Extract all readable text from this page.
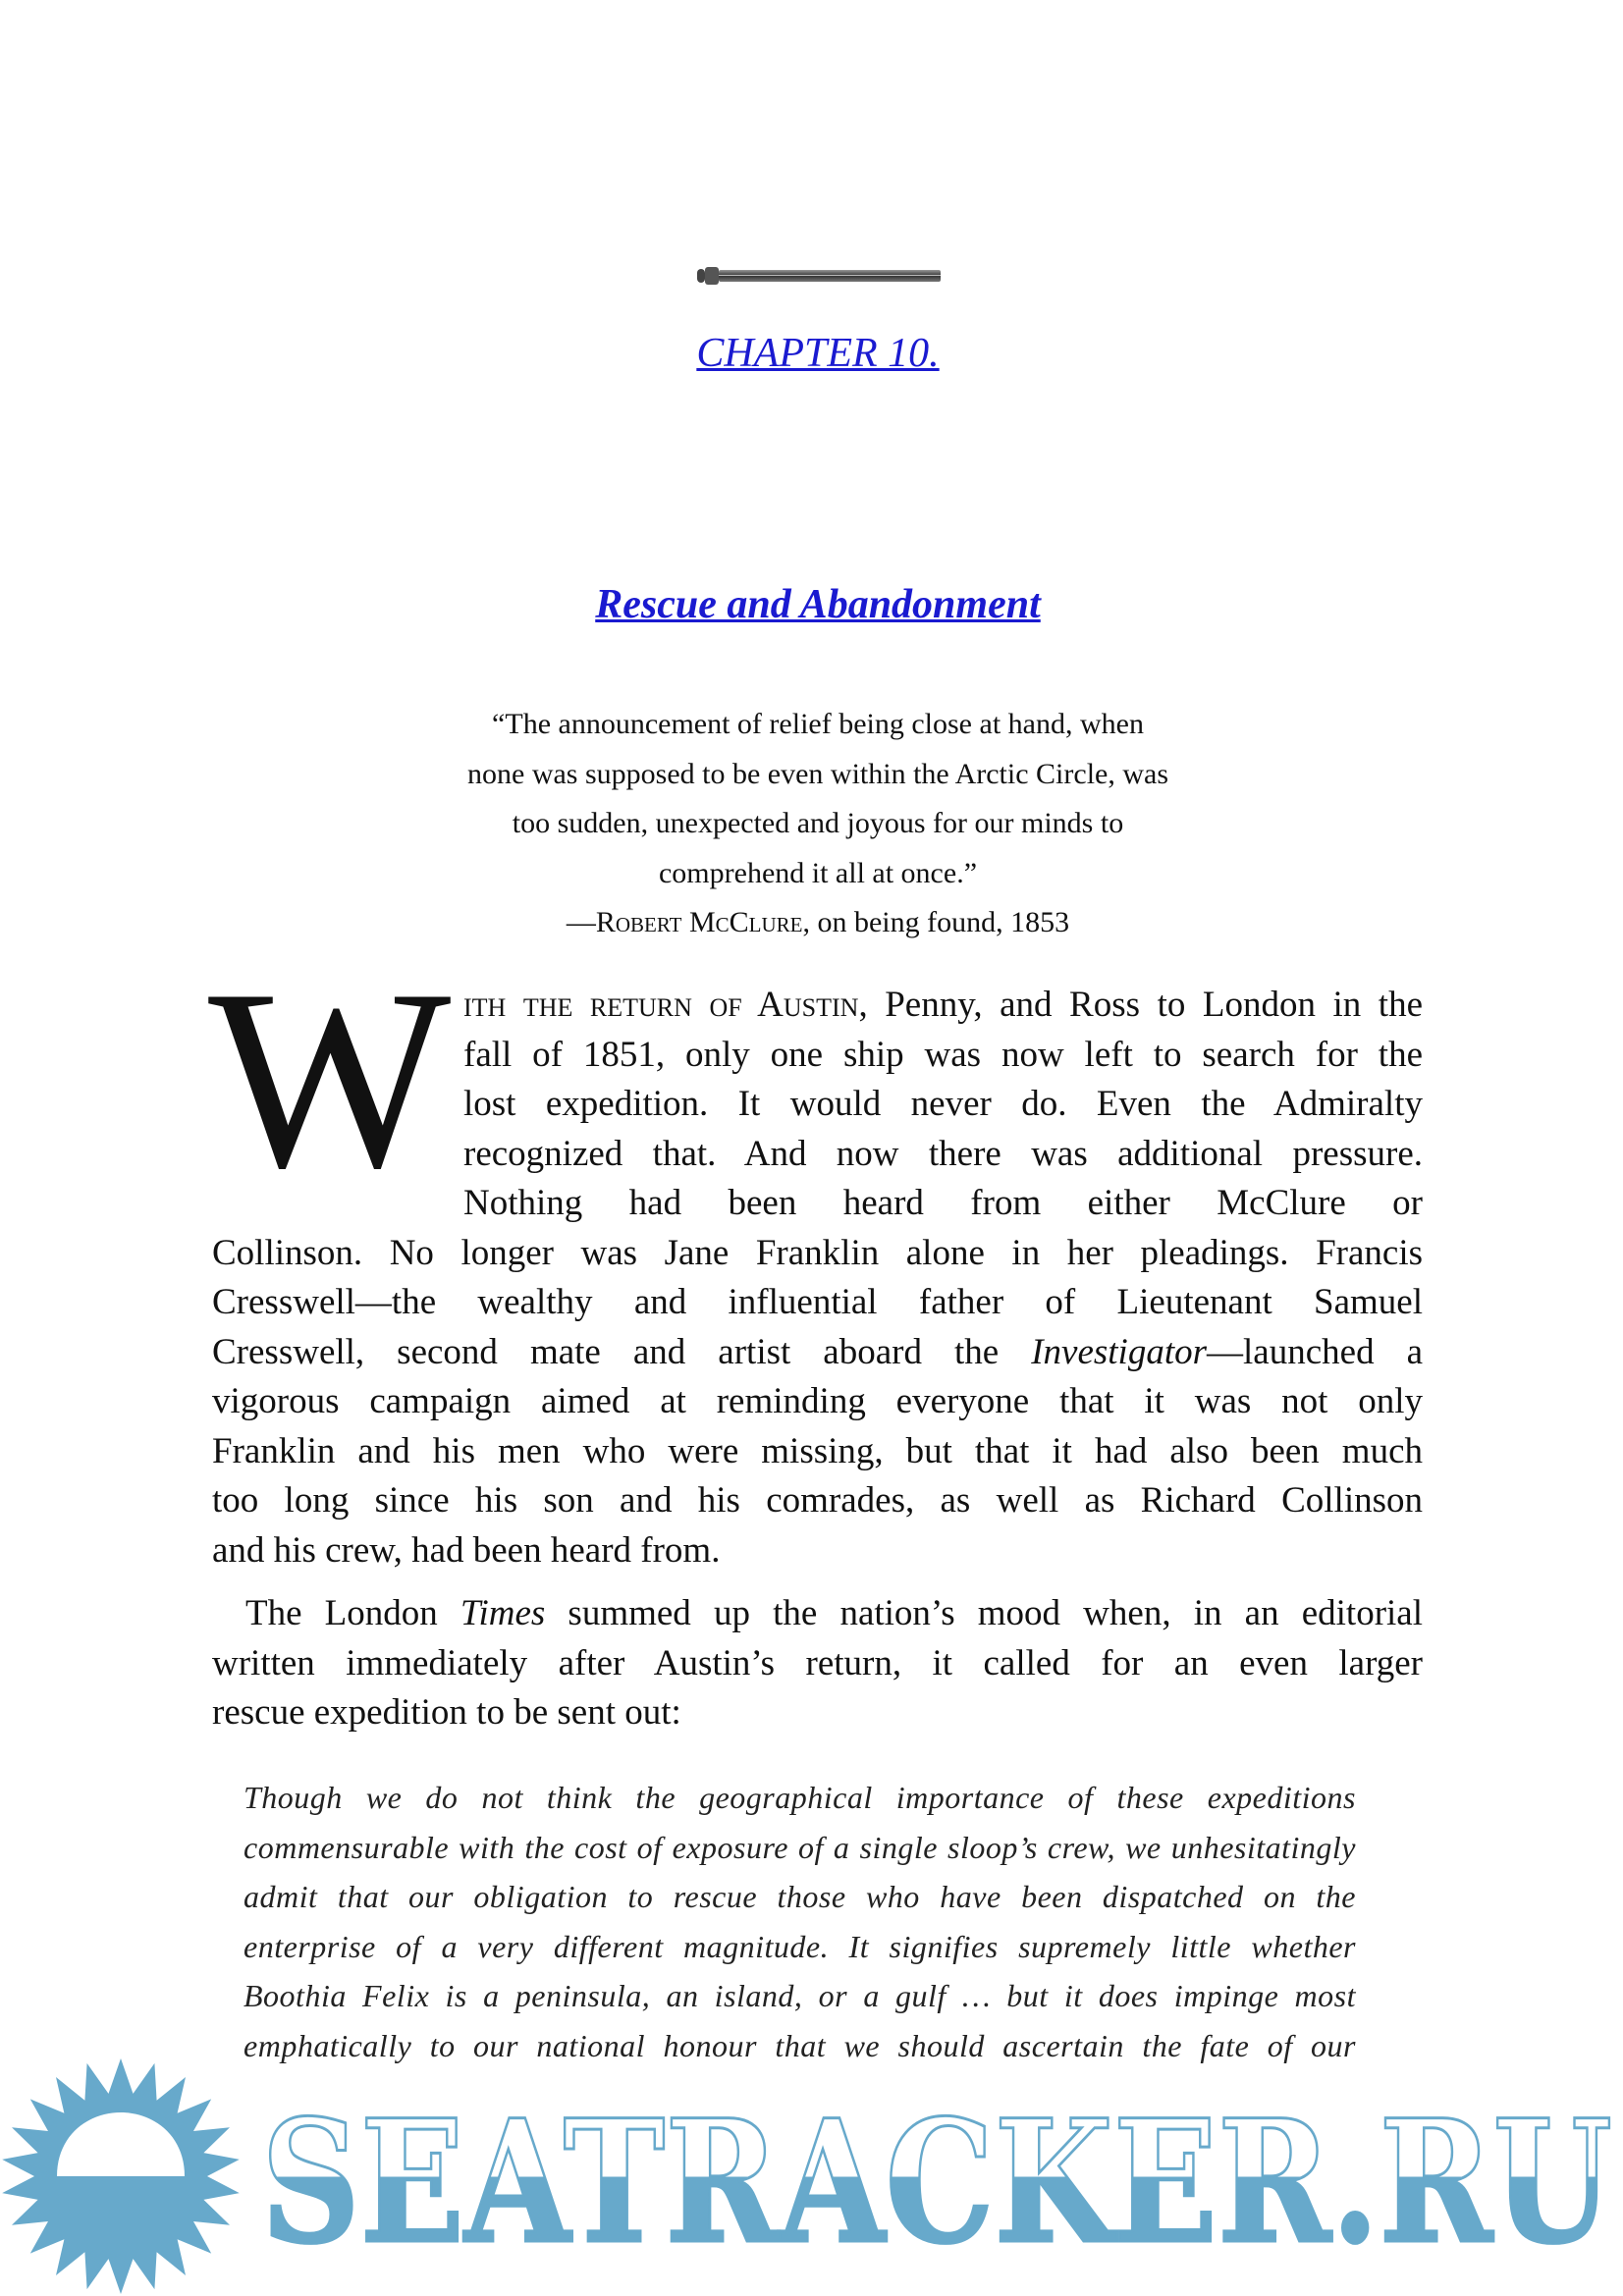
CHAPTER 10.
Rescue and Abandonment
“The announcement of relief being close at hand, when
none was supposed to be even within the Arctic Circle, was
too sudden, unexpected and joyous for our minds to
comprehend it all at once.”
—Robert McClure, on being found, 1853
W ith the return of Austin, Penny, and Ross to London in the
fall of 1851, only one ship was now left to search for the
lost expedition. It would never do. Even the Admiralty
recognized that. And now there was additional pressure.
Nothing had been heard from either McClure or
Collinson. No longer was Jane Franklin alone in her pleadings. Francis
Cresswell—the wealthy and influential father of Lieutenant Samuel
Cresswell, second mate and artist aboard the Investigator—launched a
vigorous campaign aimed at reminding everyone that it was not only
Franklin and his men who were missing, but that it had also been much
too long since his son and his comrades, as well as Richard Collinson
and his crew, had been heard from.
The London Times summed up the nation’s mood when, in an editorial
written immediately after Austin’s return, it called for an even larger
rescue expedition to be sent out:
Though we do not think the geographical importance of these expeditions
commensurable with the cost of exposure of a single sloop’s crew, we unhesitatingly
admit that our obligation to rescue those who have been dispatched on the
enterprise of a very different magnitude. It signifies supremely little whether
Boothia Felix is a peninsula, an island, or a gulf … but it does impinge most
emphatically to our national honour that we should ascertain the fate of our
SEATRACKER.RU
